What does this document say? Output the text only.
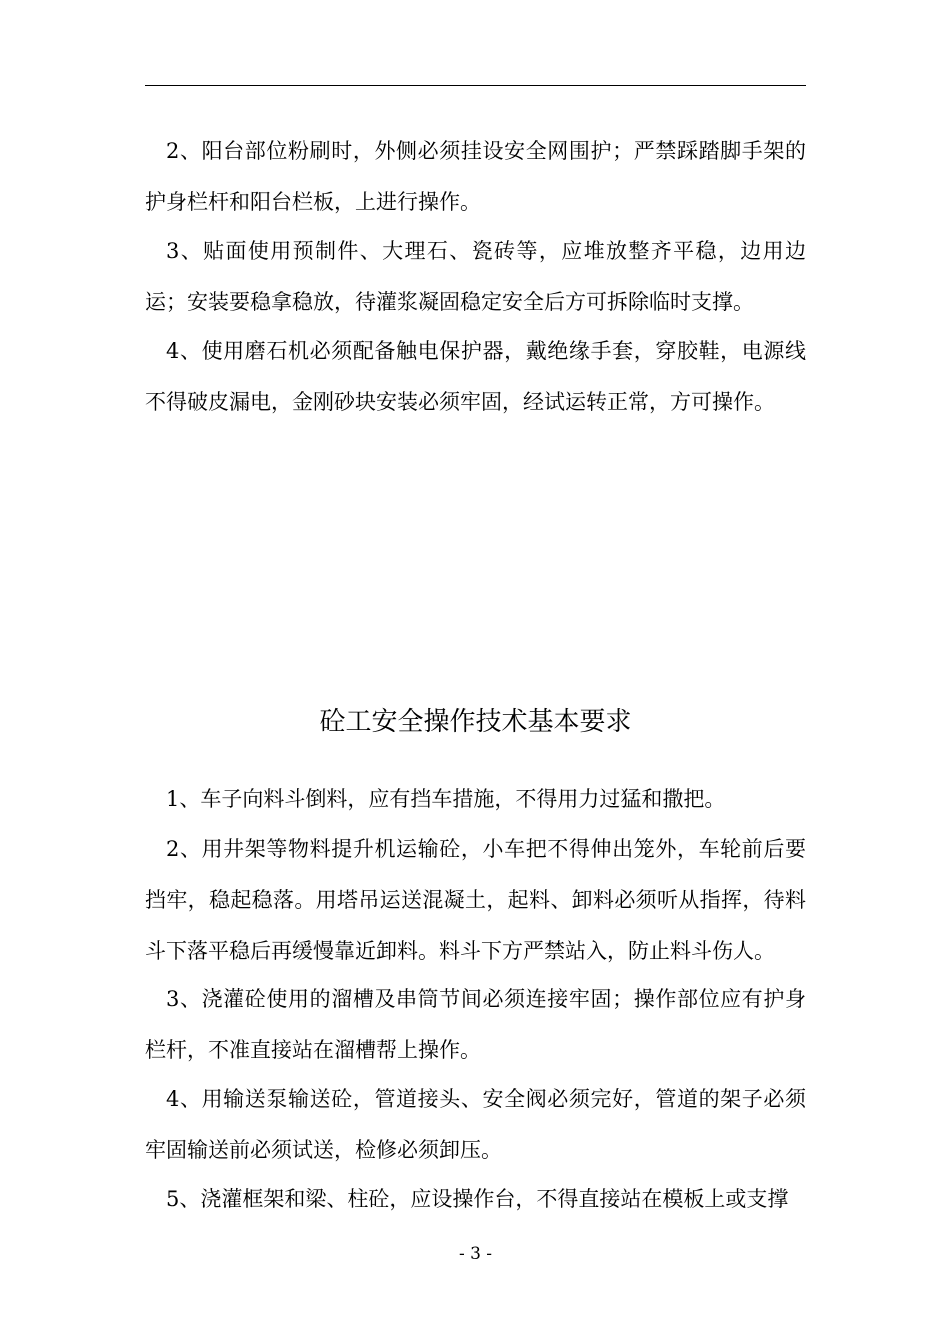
2、阳台部位粉刷时，外侧必须挂设安全网围护；严禁踩踏脚手架的护身栏杆和阳台栏板，上进行操作。

3、贴面使用预制件、大理石、瓷砖等，应堆放整齐平稳，边用边运；安装要稳拿稳放，待灌浆凝固稳定安全后方可拆除临时支撑。

4、使用磨石机必须配备触电保护器，戴绝缘手套，穿胶鞋，电源线不得破皮漏电，金刚砂块安装必须牢固，经试运转正常，方可操作。

砼工安全操作技术基本要求

1、车子向料斗倒料，应有挡车措施，不得用力过猛和撒把。

2、用井架等物料提升机运输砼，小车把不得伸出笼外，车轮前后要挡牢，稳起稳落。用塔吊运送混凝土，起料、卸料必须听从指挥，待料斗下落平稳后再缓慢靠近卸料。料斗下方严禁站入，防止料斗伤人。

3、浇灌砼使用的溜槽及串筒节间必须连接牢固；操作部位应有护身栏杆，不准直接站在溜槽帮上操作。

4、用输送泵输送砼，管道接头、安全阀必须完好，管道的架子必须牢固输送前必须试送，检修必须卸压。

5、浇灌框架和梁、柱砼，应设操作台，不得直接站在模板上或支撑

- 3 -
